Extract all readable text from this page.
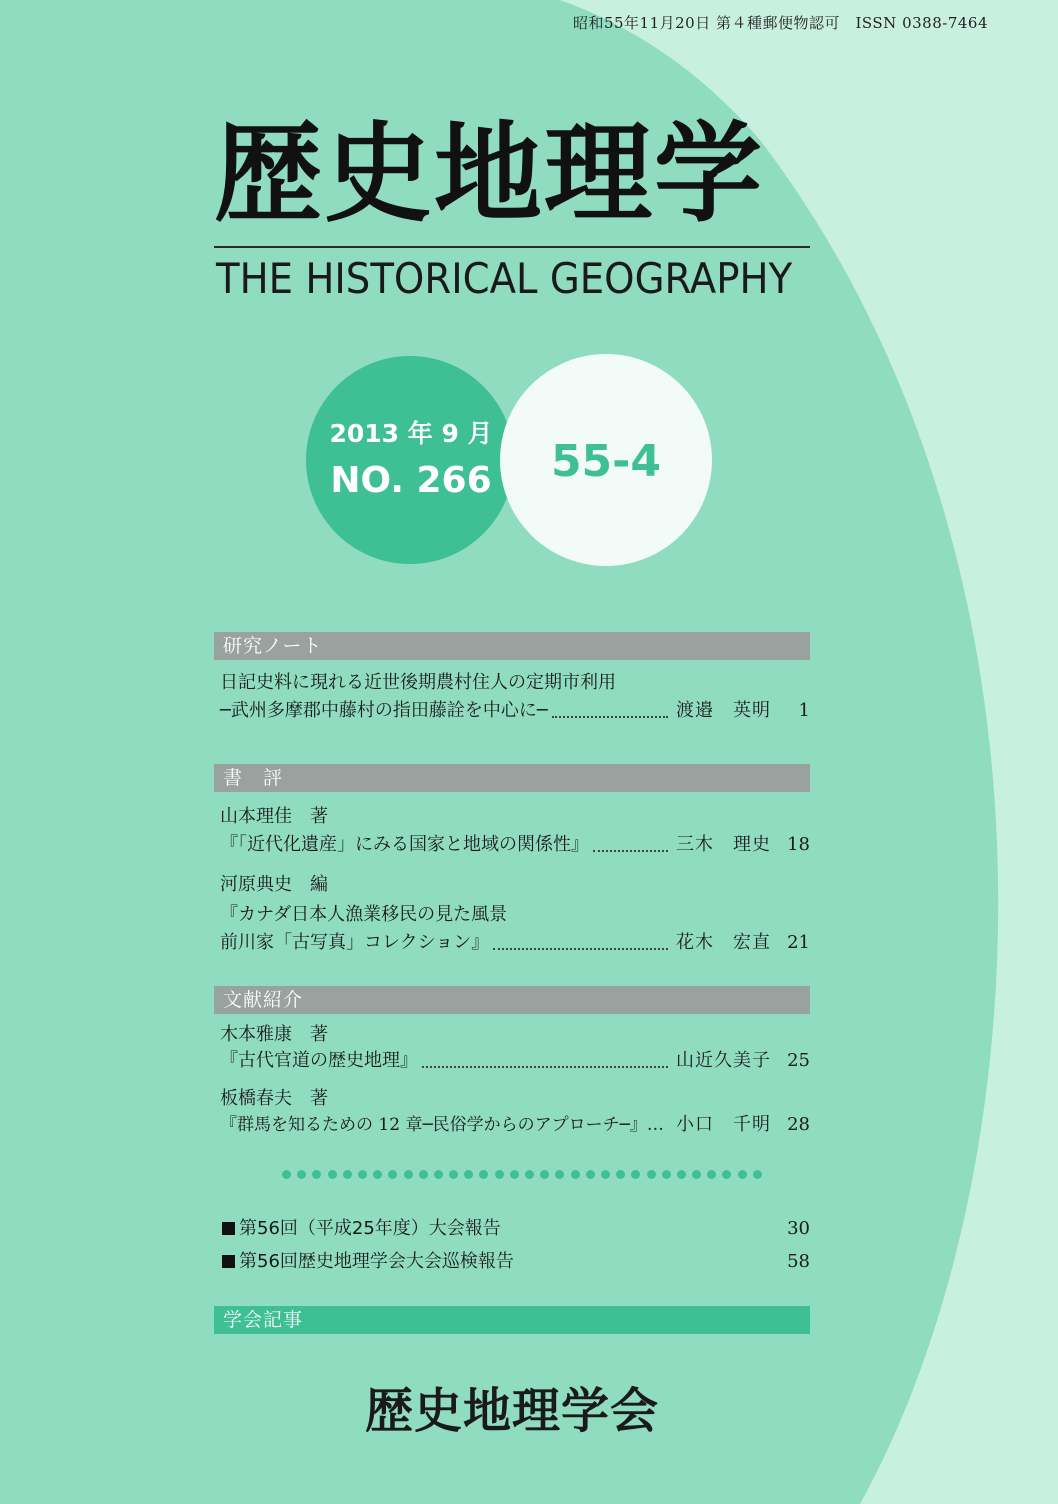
昭和55年11月20日 第４種郵便物認可　ISSN 0388-7464
歴史地理学
THE HISTORICAL GEOGRAPHY
2013 年 9 月
NO. 266	55-4
研究ノート
日記史料に現れる近世後期農村住人の定期市利用
─武州多摩郡中藤村の指田藤詮を中心に─	渡邉　英明	1
書　評
山本理佳　著
『「近代化遺産」にみる国家と地域の関係性』	三木　理史 18
河原典史　編
『カナダ日本人漁業移民の見た風景
前川家「古写真」コレクション』	花木　宏直 21
文献紹介
木本雅康　著
『古代官道の歴史地理』	山近久美子 25
板橋春夫　著
『群馬を知るための 12 章─民俗学からのアプローチ─』… 小口　千明 28
第56回（平成25年度）大会報告	30
第56回歴史地理学会大会巡検報告	58
学会記事
歴史地理学会
